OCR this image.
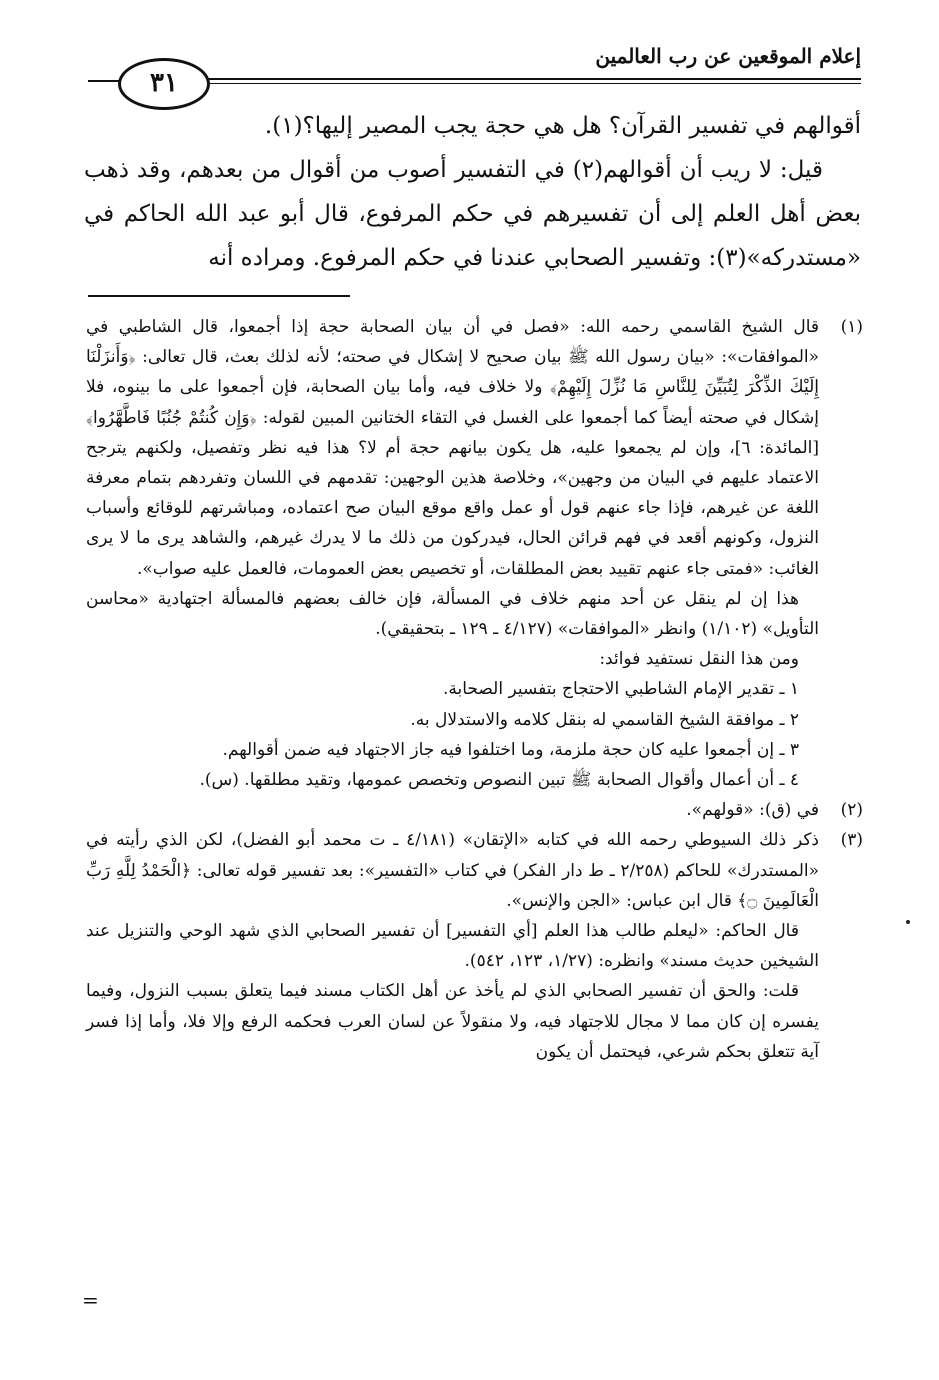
إعلام الموقعين عن رب العالمين
٣١

أقوالهم في تفسير القرآن؟ هل هي حجة يجب المصير إليها؟(١).

قيل: لا ريب أن أقوالهم(٢) في التفسير أصوب من أقوال من بعدهم، وقد ذهب بعض أهل العلم إلى أن تفسيرهم في حكم المرفوع، قال أبو عبد الله الحاكم في «مستدركه»(٣): وتفسير الصحابي عندنا في حكم المرفوع. ومراده أنه

(١)

قال الشيخ القاسمي رحمه الله: «فصل في أن بيان الصحابة حجة إذا أجمعوا، قال الشاطبي في «الموافقات»: «بيان رسول الله ﷺ بيان صحيح لا إشكال في صحته؛ لأنه لذلك بعث، قال تعالى: ﴿وَأَنزَلْنَا إِلَيْكَ الذِّكْرَ لِتُبَيِّنَ لِلنَّاسِ مَا نُزِّلَ إِلَيْهِمْ﴾ ولا خلاف فيه، وأما بيان الصحابة، فإن أجمعوا على ما بينوه، فلا إشكال في صحته أيضاً كما أجمعوا على الغسل في التقاء الختانين المبين لقوله: ﴿وَإِن كُنتُمْ جُنُبًا فَاطَّهَّرُوا﴾ [المائدة: ٦]، وإن لم يجمعوا عليه، هل يكون بيانهم حجة أم لا؟ هذا فيه نظر وتفصيل، ولكنهم يترجح الاعتماد عليهم في البيان من وجهين»، وخلاصة هذين الوجهين: تقدمهم في اللسان وتفردهم بتمام معرفة اللغة عن غيرهم، فإذا جاء عنهم قول أو عمل واقع موقع البيان صح اعتماده، ومباشرتهم للوقائع وأسباب النزول، وكونهم أقعد في فهم قرائن الحال، فيدركون من ذلك ما لا يدرك غيرهم، والشاهد يرى ما لا يرى الغائب: «فمتى جاء عنهم تقييد بعض المطلقات، أو تخصيص بعض العمومات، فالعمل عليه صواب».

هذا إن لم ينقل عن أحد منهم خلاف في المسألة، فإن خالف بعضهم فالمسألة اجتهادية «محاسن التأويل» (١/١٠٢) وانظر «الموافقات» (٤/١٢٧ ـ ١٢٩ ـ بتحقيقي).

ومن هذا النقل نستفيد فوائد:

١ ـ تقدير الإمام الشاطبي الاحتجاج بتفسير الصحابة.

٢ ـ موافقة الشيخ القاسمي له بنقل كلامه والاستدلال به.

٣ ـ إن أجمعوا عليه كان حجة ملزمة، وما اختلفوا فيه جاز الاجتهاد فيه ضمن أقوالهم.

٤ ـ أن أعمال وأقوال الصحابة ﷺ تبين النصوص وتخصص عمومها، وتقيد مطلقها. (س).

(٢)

في (ق): «قولهم».

(٣)

ذكر ذلك السيوطي رحمه الله في كتابه «الإتقان» (٤/١٨١ ـ ت محمد أبو الفضل)، لكن الذي رأيته في «المستدرك» للحاكم (٢/٢٥٨ ـ ط دار الفكر) في كتاب «التفسير»: بعد تفسير قوله تعالى: ﴿الْحَمْدُ لِلَّهِ رَبِّ الْعَالَمِينَ ۝﴾ قال ابن عباس: «الجن والإنس».

قال الحاكم: «ليعلم طالب هذا العلم [أي التفسير] أن تفسير الصحابي الذي شهد الوحي والتنزيل عند الشيخين حديث مسند» وانظره: (١/٢٧، ١٢٣، ٥٤٢).

قلت: والحق أن تفسير الصحابي الذي لم يأخذ عن أهل الكتاب مسند فيما يتعلق بسبب النزول، وفيما يفسره إن كان مما لا مجال للاجتهاد فيه، ولا منقولاً عن لسان العرب فحكمه الرفع وإلا فلا، وأما إذا فسر آية تتعلق بحكم شرعي، فيحتمل أن يكون

=
